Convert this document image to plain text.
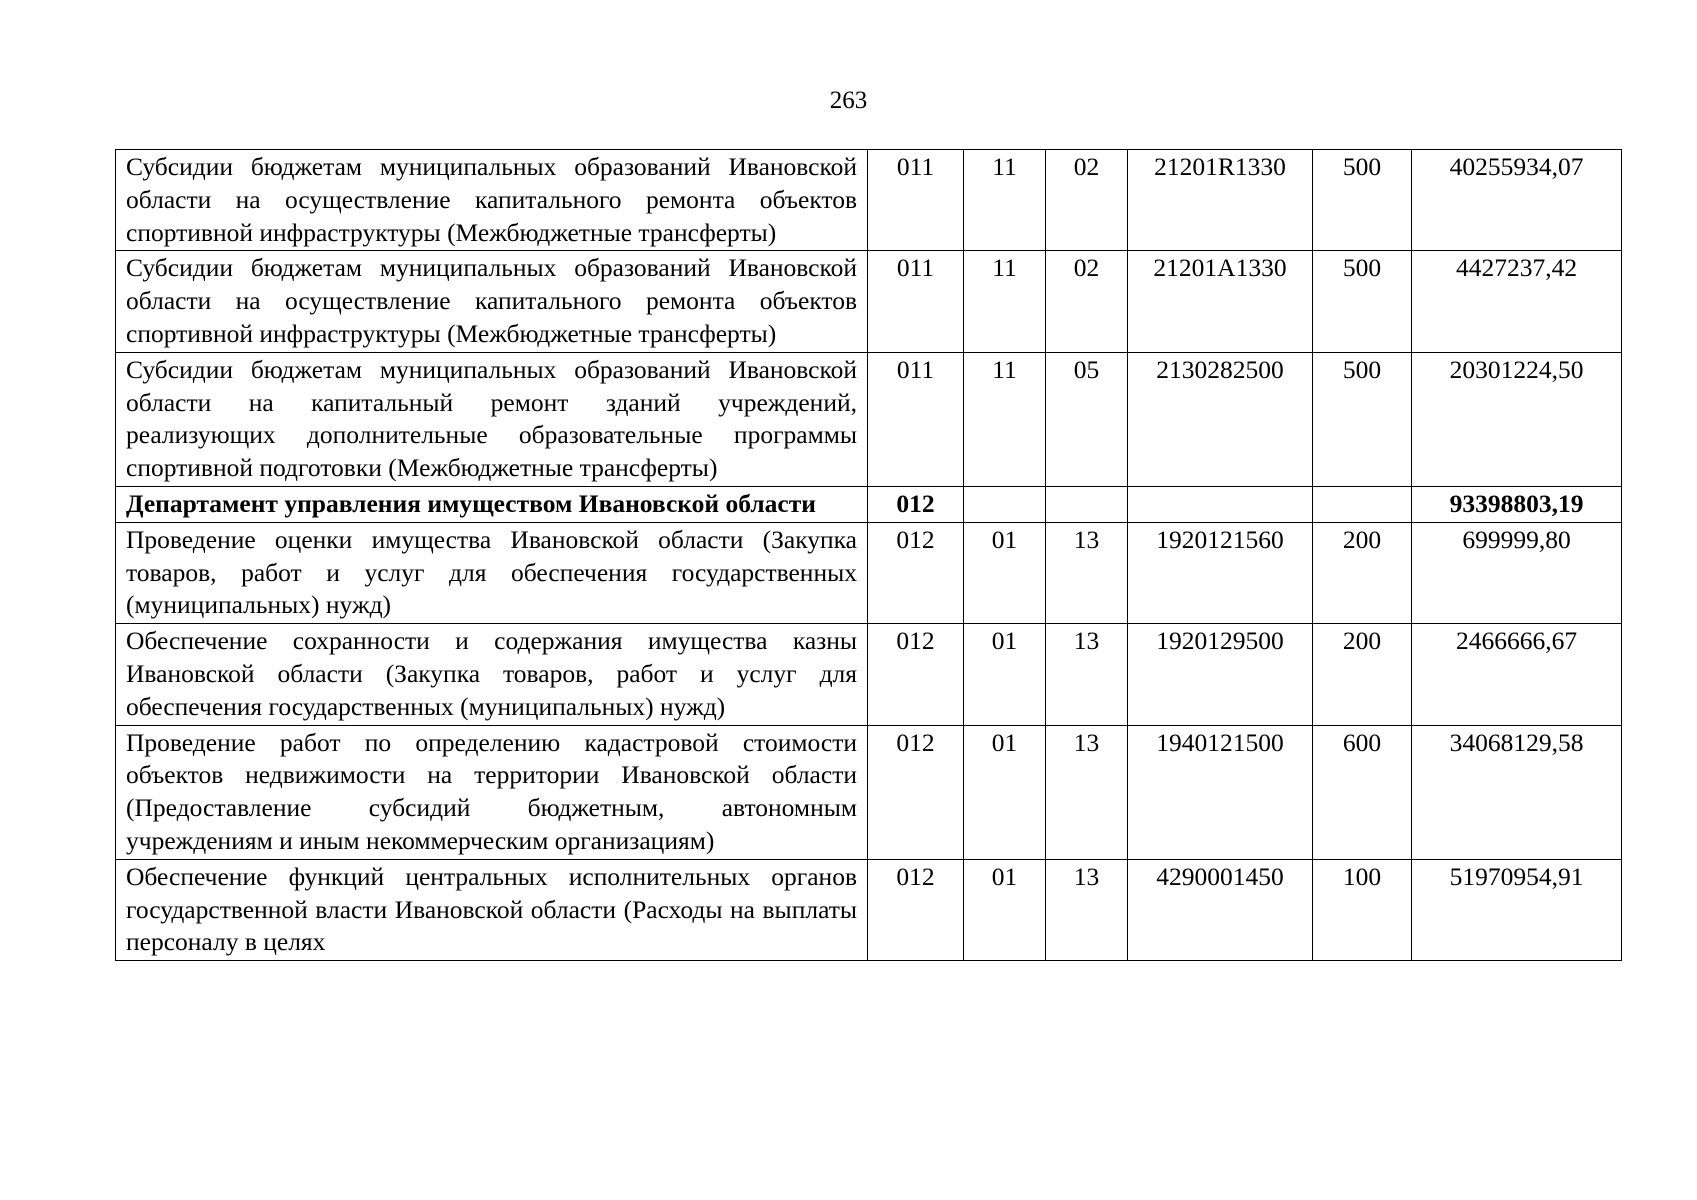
263
Субсидии бюджетам муниципальных образований Ивановской области на осуществление капитального ремонта объектов спортивной инфраструктуры (Межбюджетные трансферты)	011	11	02	21201R1330	500	40255934,07
Субсидии бюджетам муниципальных образований Ивановской области на осуществление капитального ремонта объектов спортивной инфраструктуры (Межбюджетные трансферты)	011	11	02	21201A1330	500	4427237,42
Субсидии бюджетам муниципальных образований Ивановской области на капитальный ремонт зданий учреждений, реализующих дополнительные образовательные программы спортивной подготовки (Межбюджетные трансферты)	011	11	05	2130282500	500	20301224,50
Департамент управления имуществом Ивановской области	012					93398803,19
Проведение оценки имущества Ивановской области (Закупка товаров, работ и услуг для обеспечения государственных (муниципальных) нужд)	012	01	13	1920121560	200	699999,80
Обеспечение сохранности и содержания имущества казны Ивановской области (Закупка товаров, работ и услуг для обеспечения государственных (муниципальных) нужд)	012	01	13	1920129500	200	2466666,67
Проведение работ по определению кадастровой стоимости объектов недвижимости на территории Ивановской области (Предоставление субсидий бюджетным, автономным учреждениям и иным некоммерческим организациям)	012	01	13	1940121500	600	34068129,58
Обеспечение функций центральных исполнительных органов государственной власти Ивановской области (Расходы на выплаты персоналу в целях	012	01	13	4290001450	100	51970954,91
